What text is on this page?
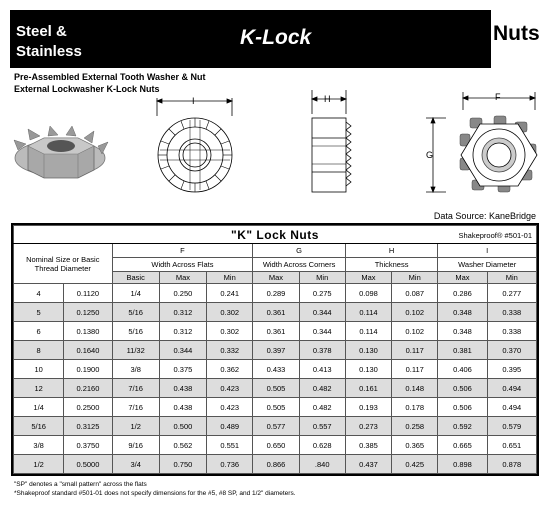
Steel &
Stainless
K-Lock	Nuts
Pre-Assembled External Tooth Washer & Nut
External Lockwasher K-Lock Nuts
I	H	F
G
Data Source: KaneBridge
"K" Lock Nuts Shakeproof® #501-01										

Nominal Size or Basic Thread Diameter		F			G		H		I	
		Width Across Flats			Width Across Corners		Thickness		Washer Diameter	
		Basic	Max	Min	Max	Min	Max	Min	Max	Min
4	0.1120	1/4	0.250	0.241	0.289	0.275	0.098	0.087	0.286	0.277
5	0.1250	5/16	0.312	0.302	0.361	0.344	0.114	0.102	0.348	0.338
6	0.1380	5/16	0.312	0.302	0.361	0.344	0.114	0.102	0.348	0.338
8	0.1640	11/32	0.344	0.332	0.397	0.378	0.130	0.117	0.381	0.370
10	0.1900	3/8	0.375	0.362	0.433	0.413	0.130	0.117	0.406	0.395
12	0.2160	7/16	0.438	0.423	0.505	0.482	0.161	0.148	0.506	0.494
1/4	0.2500	7/16	0.438	0.423	0.505	0.482	0.193	0.178	0.506	0.494
5/16	0.3125	1/2	0.500	0.489	0.577	0.557	0.273	0.258	0.592	0.579
3/8	0.3750	9/16	0.562	0.551	0.650	0.628	0.385	0.365	0.665	0.651
1/2	0.5000	3/4	0.750	0.736	0.866	.840	0.437	0.425	0.898	0.878
"SP" denotes a "small pattern" across the flats
*Shakeproof standard #501-01 does not specify dimensions for the #5, #8 SP, and 1/2" diameters.
